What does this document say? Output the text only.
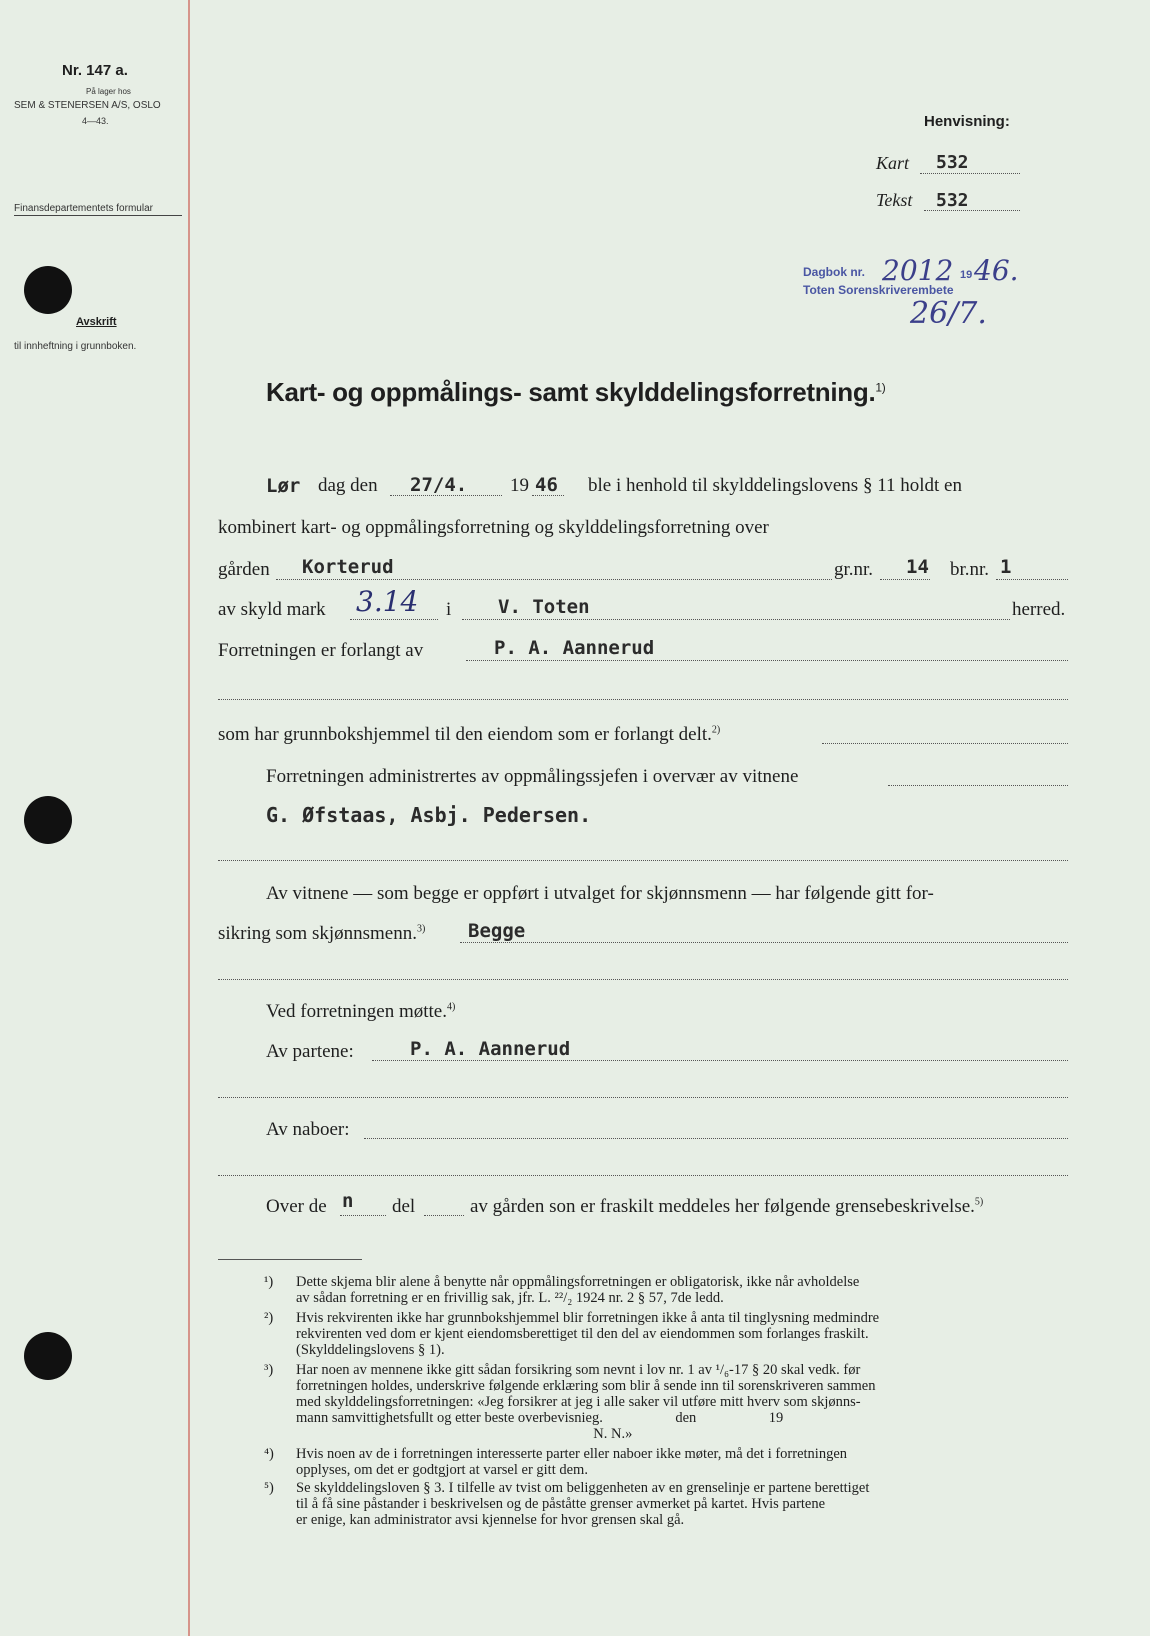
Nr. 147 a.
På lager hos
SEM & STENERSEN A/S, OSLO
4—43.
Finansdepartementets formular
Avskrift
til innheftning i grunnboken.
Henvisning:
Kart 532
Tekst 532
Dagbok nr. 2012 19 46.
Toten Sorenskriverembete
26/7.
Kart- og oppmålings- samt skylddelingsforretning.$^{1)}$
Lør dag den 27/4. 19 46 ble i henhold til skylddelingslovens § 11 holdt en
kombinert kart- og oppmålingsforretning og skylddelingsforretning over
gården Korterud	gr.nr. 14 br.nr. 1
av skyld mark 3.14 i V. Toten	herred.
Forretningen er forlangt av	P. A. Aannerud
som har grunnbokshjemmel til den eiendom som er forlangt delt.$^{2)}$
Forretningen administrertes av oppmålingssjefen i overvær av vitnene
G. Øfstaas, Asbj. Pedersen.
Av vitnene — som begge er oppført i utvalget for skjønnsmenn — har følgende gitt for-
sikring som skjønnsmenn.$^{3)}$ Begge
Ved forretningen møtte.$^{4)}$
Av partene:	P. A. Aannerud
Av naboer:
Over de n del	av gården son er fraskilt meddeles her følgende grensebeskrivelse.$^{5)}$
¹) Dette skjema blir alene å benytte når oppmålingsforretningen er obligatorisk, ikke når avholdelse
av sådan forretning er en frivillig sak, jfr. L. ²²/₂ 1924 nr. 2 § 57, 7de ledd.
²) Hvis rekvirenten ikke har grunnbokshjemmel blir forretningen ikke å anta til tinglysning medmindre
rekvirenten ved dom er kjent eiendomsberettiget til den del av eiendommen som forlanges fraskilt.
(Skylddelingslovens § 1).
³) Har noen av mennene ikke gitt sådan forsikring som nevnt i lov nr. 1 av ¹/₆-17 § 20 skal vedk. før
forretningen holdes, underskrive følgende erklæring som blir å sende inn til sorenskriveren sammen
med skylddelingsforretningen: «Jeg forsikrer at jeg i alle saker vil utføre mitt hverv som skjønns-
mann samvittighetsfullt og etter beste overbevisnieg.                    den                    19
N. N.»
⁴) Hvis noen av de i forretningen interesserte parter eller naboer ikke møter, må det i forretningen
opplyses, om det er godtgjort at varsel er gitt dem.
⁵) Se skylddelingsloven § 3. I tilfelle av tvist om beliggenheten av en grenselinje er partene berettiget
til å få sine påstander i beskrivelsen og de påståtte grenser avmerket på kartet. Hvis partene
er enige, kan administrator avsi kjennelse for hvor grensen skal gå.
